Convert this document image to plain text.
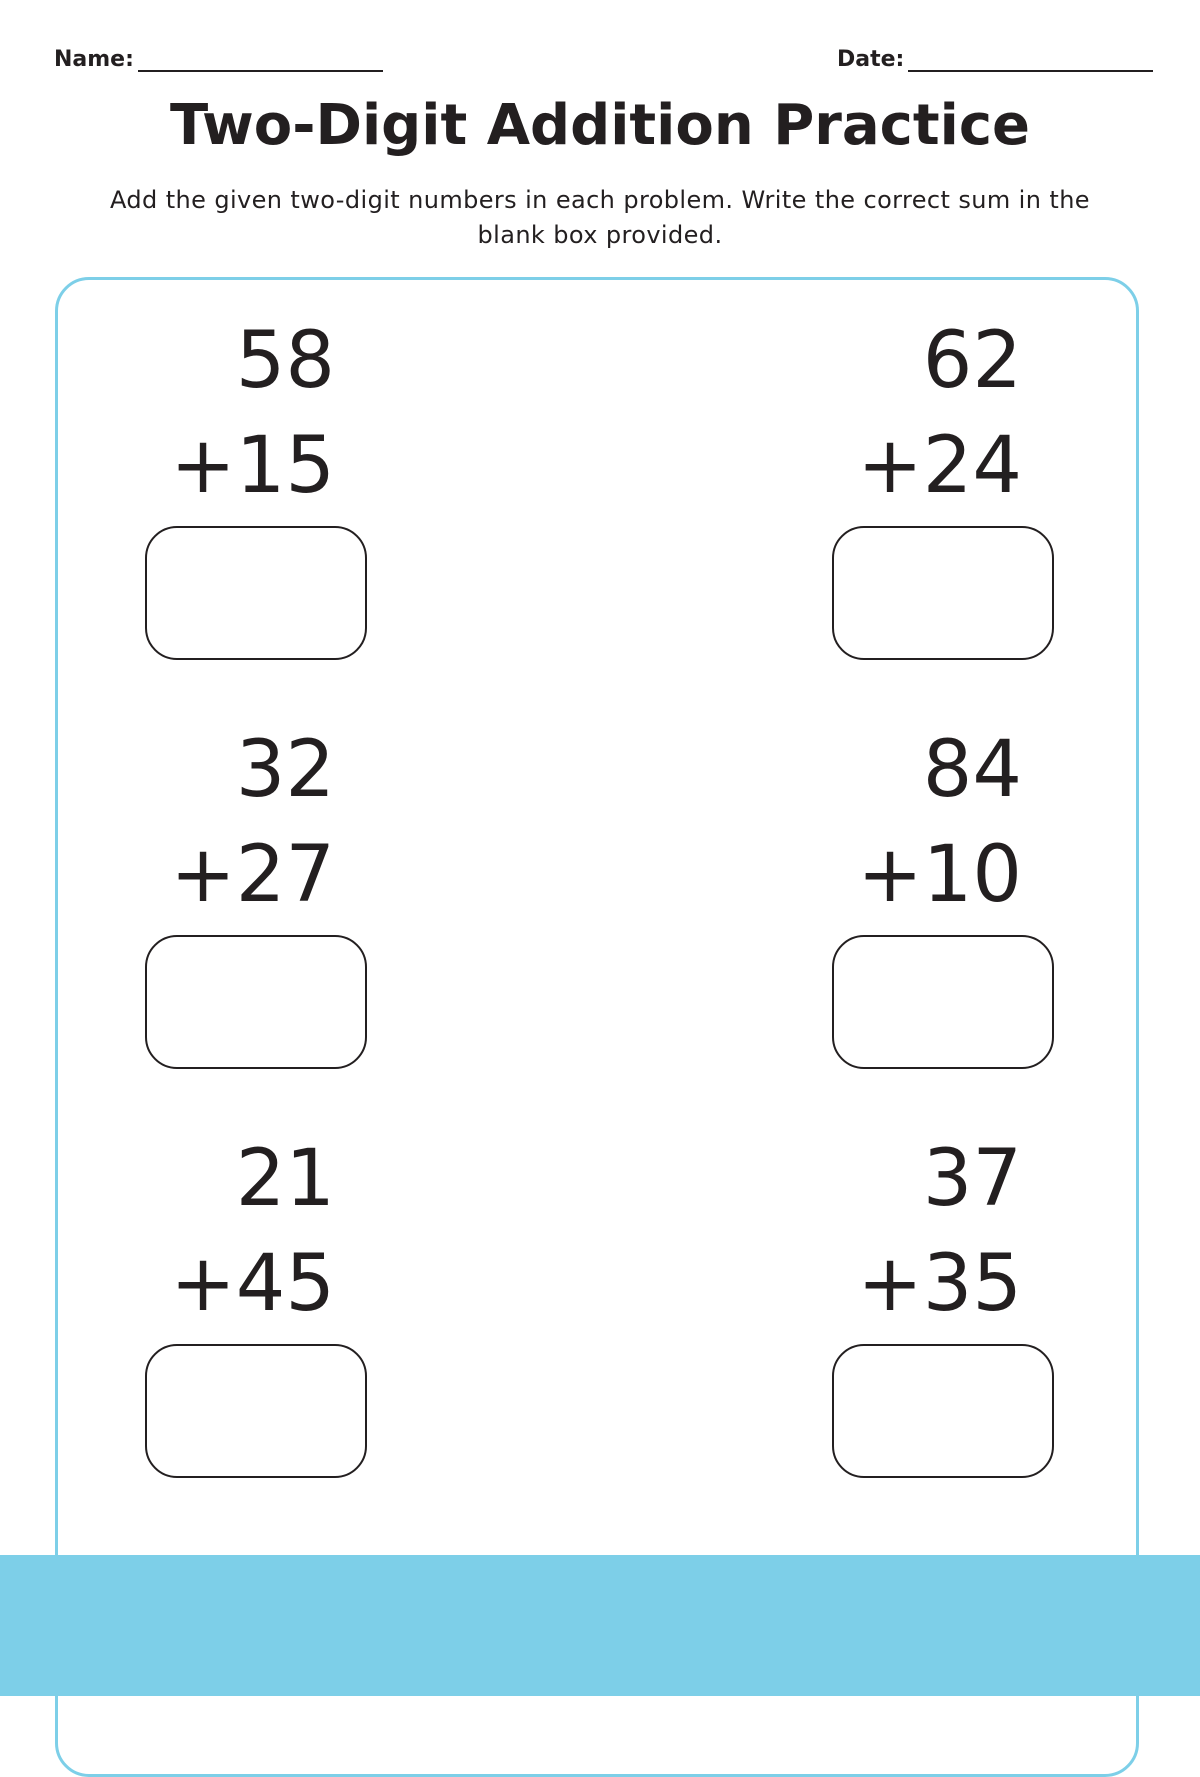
Name:	Date:
Two-Digit Addition Practice

Add the given two-digit numbers in each problem. Write the correct sum in the blank box provided.

58
+15
62
+24
32
+27
84
+10
21
+45
37
+35
